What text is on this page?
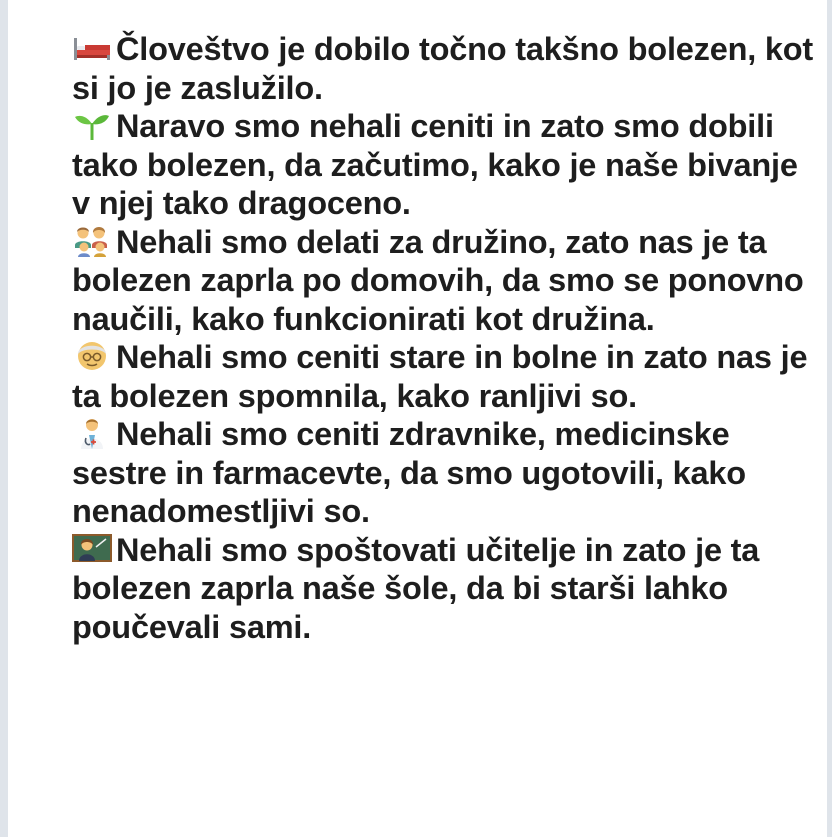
Človeštvo je dobilo točno takšno bolezen, kot si jo je zaslužilo.

Naravo smo nehali ceniti in zato smo dobili tako bolezen, da začutimo, kako je naše bivanje v njej tako dragoceno.

Nehali smo delati za družino, zato nas je ta bolezen zaprla po domovih, da smo se ponovno naučili, kako funkcionirati kot družina.

Nehali smo ceniti stare in bolne in zato nas je ta bolezen spomnila, kako ranljivi so.

Nehali smo ceniti zdravnike, medicinske sestre in farmacevte, da smo ugotovili, kako nenadomestljivi so.

Nehali smo spoštovati učitelje in zato je ta bolezen zaprla naše šole, da bi starši lahko poučevali sami.
